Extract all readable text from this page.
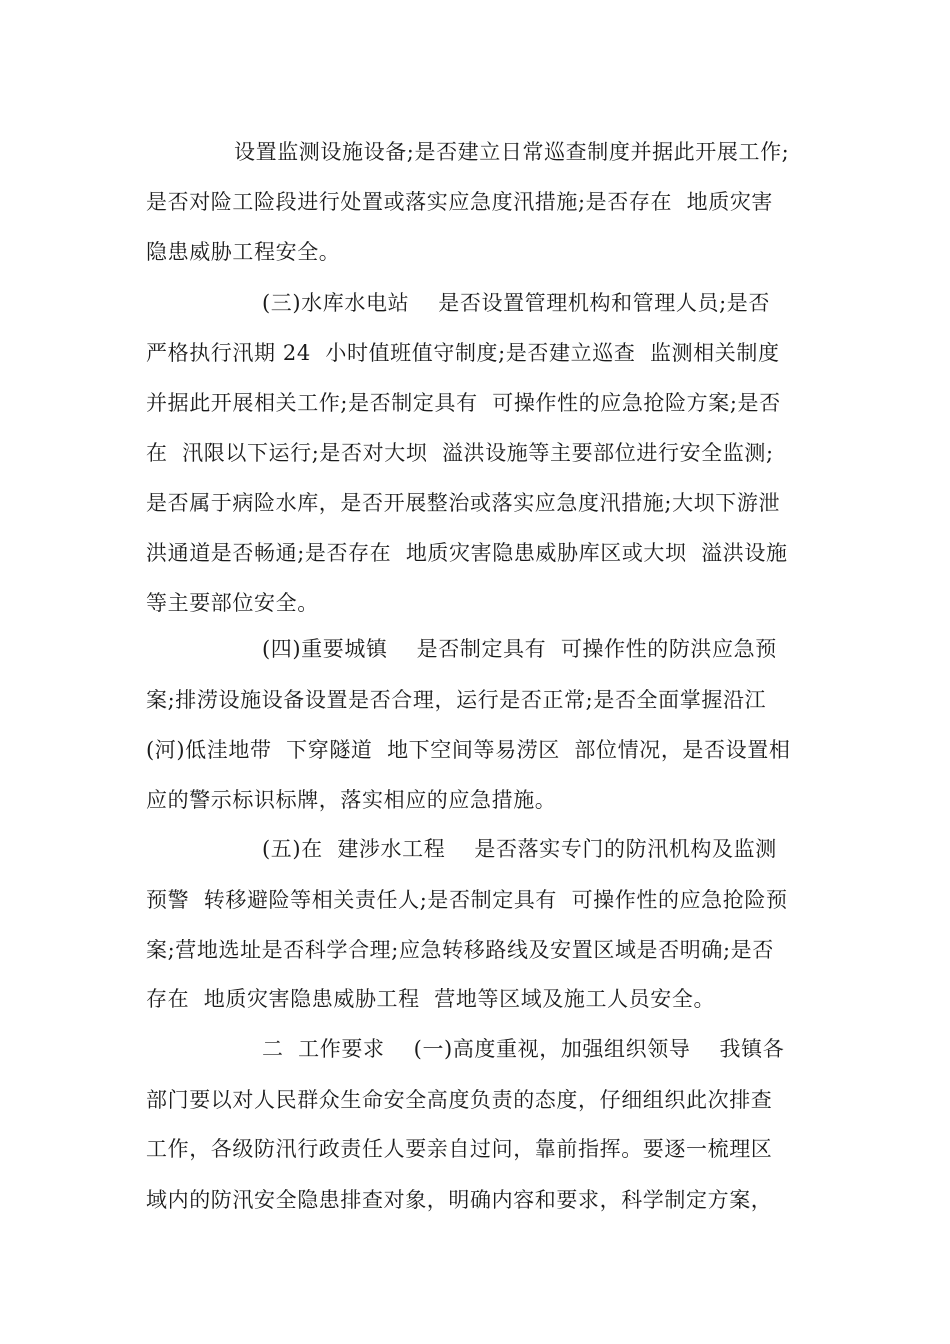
设置监测设施设备;是否建立日常巡查制度并据此开展工作;
是否对险工险段进行处置或落实应急度汛措施;是否存在  地质灾害
隐患威胁工程安全。
(三)水库水电站    是否设置管理机构和管理人员;是否
严格执行汛期 24  小时值班值守制度;是否建立巡查  监测相关制度
并据此开展相关工作;是否制定具有  可操作性的应急抢险方案;是否
在  汛限以下运行;是否对大坝  溢洪设施等主要部位进行安全监测;
是否属于病险水库，是否开展整治或落实应急度汛措施;大坝下游泄
洪通道是否畅通;是否存在  地质灾害隐患威胁库区或大坝  溢洪设施
等主要部位安全。
(四)重要城镇    是否制定具有  可操作性的防洪应急预
案;排涝设施设备设置是否合理，运行是否正常;是否全面掌握沿江
(河)低洼地带  下穿隧道  地下空间等易涝区  部位情况，是否设置相
应的警示标识标牌，落实相应的应急措施。
(五)在  建涉水工程    是否落实专门的防汛机构及监测
预警  转移避险等相关责任人;是否制定具有  可操作性的应急抢险预
案;营地选址是否科学合理;应急转移路线及安置区域是否明确;是否
存在  地质灾害隐患威胁工程  营地等区域及施工人员安全。
二  工作要求    (一)高度重视，加强组织领导    我镇各
部门要以对人民群众生命安全高度负责的态度，仔细组织此次排查
工作，各级防汛行政责任人要亲自过问，靠前指挥。要逐一梳理区
域内的防汛安全隐患排查对象，明确内容和要求，科学制定方案，
